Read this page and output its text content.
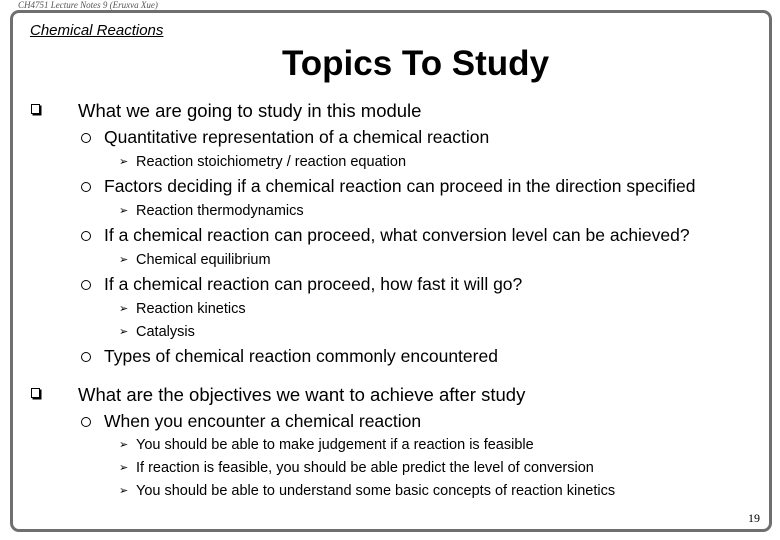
CH4751 Lecture Notes 9 (Eruxva Xue)
Chemical Reactions
Topics To Study
What we are going to study in this module
Quantitative representation of a chemical reaction
➢ Reaction stoichiometry / reaction equation
Factors deciding if a chemical reaction can proceed in the direction specified
➢ Reaction thermodynamics
If a chemical reaction can proceed, what conversion level can be achieved?
➢ Chemical equilibrium
If a chemical reaction can proceed, how fast it will go?
➢ Reaction kinetics
➢ Catalysis
Types of chemical reaction commonly encountered
What are the objectives we want to achieve after study
When you encounter a chemical reaction
➢ You should be able to make judgement if a reaction is feasible
➢ If reaction is feasible, you should be able predict the level of conversion
➢ You should be able to understand some basic concepts of reaction kinetics
19
